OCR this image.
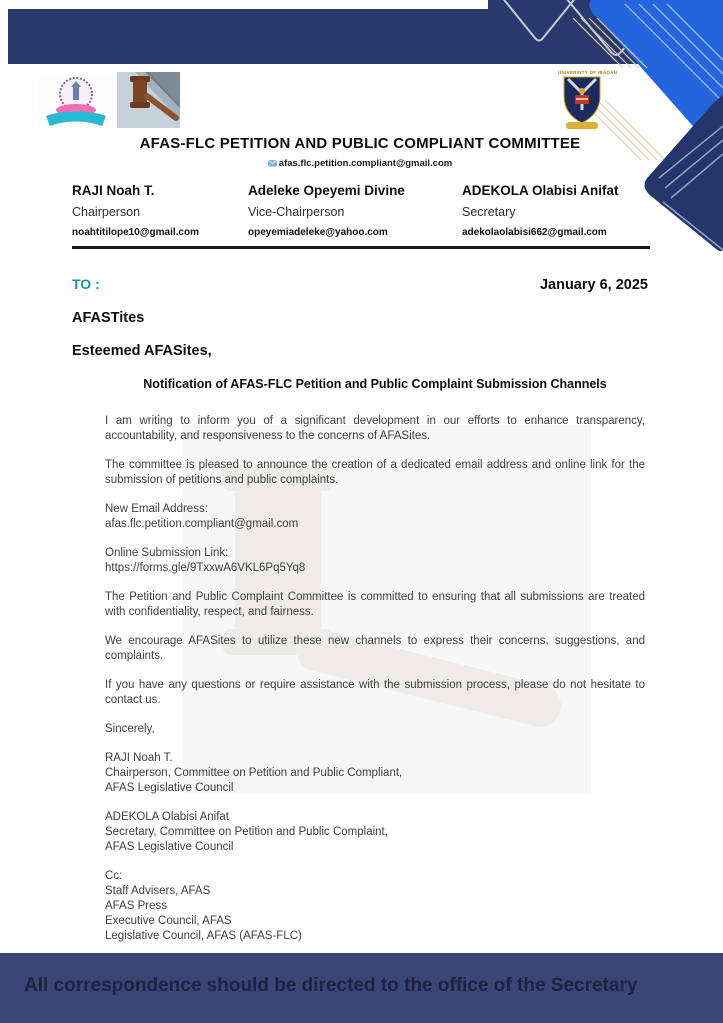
UNIVERSITY OF IBADAN
AFAS-FLC PETITION AND PUBLIC COMPLIANT COMMITTEE
afas.flc.petition.compliant@gmail.com
RAJI Noah T.
Chairperson
noahtitilope10@gmail.com
Adeleke Opeyemi Divine
Vice-Chairperson
opeyemiadeleke@yahoo.com
ADEKOLA Olabisi Anifat
Secretary
adekolaolabisi662@gmail.com
TO :	January 6, 2025
AFASTites
Esteemed AFASites,
Notification of AFAS-FLC Petition and Public Complaint Submission Channels
I am writing to inform you of a significant development in our efforts to enhance transparency, accountability, and responsiveness to the concerns of AFASites.
The committee is pleased to announce the creation of a dedicated email address and online link for the submission of petitions and public complaints.
New Email Address:
afas.flc.petition.compliant@gmail.com
Online Submission Link:
https://forms.gle/9TxxwA6VKL6Pq5Yq8
The Petition and Public Complaint Committee is committed to ensuring that all submissions are treated with confidentiality, respect, and fairness.
We encourage AFASites to utilize these new channels to express their concerns, suggestions, and complaints.
If you have any questions or require assistance with the submission process, please do not hesitate to contact us.
Sincerely,
RAJI Noah T.
Chairperson, Committee on Petition and Public Compliant,
AFAS Legislative Council
ADEKOLA Olabisi Anifat
Secretary, Committee on Petition and Public Complaint,
AFAS Legislative Council
Cc:
Staff Advisers, AFAS
AFAS Press
Executive Council, AFAS
Legislative Council, AFAS (AFAS-FLC)
All correspondence should be directed to the office of the Secretary
